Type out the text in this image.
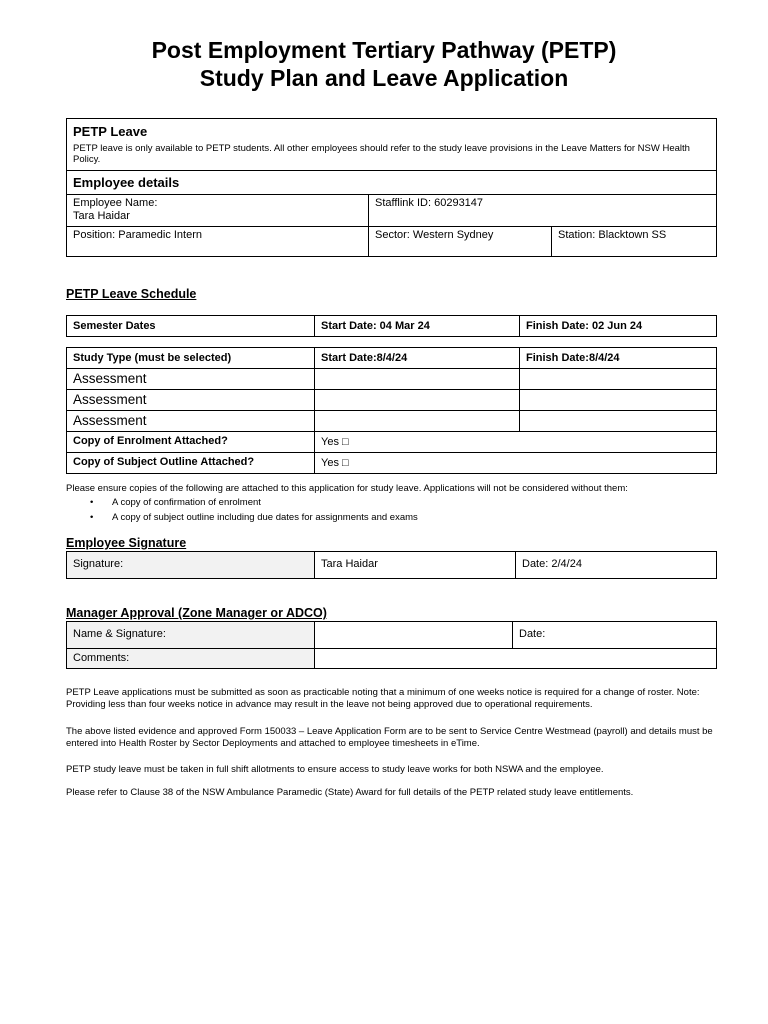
Post Employment Tertiary Pathway (PETP)
Study Plan and Leave Application
PETP Leave
PETP leave is only available to PETP students. All other employees should refer to the study leave provisions in the Leave Matters for NSW Health Policy.		

Employee details		

Employee Name:
Tara Haidar	Stafflink ID: 60293147	
Position: Paramedic Intern	Sector: Western Sydney	Station: Blacktown SS
PETP Leave Schedule
Semester Dates	Start Date: 04 Mar 24	Finish Date: 02 Jun 24
Study Type (must be selected)	Start Date:8/4/24	Finish Date:8/4/24
Assessment		
Assessment		
Assessment		
Copy of Enrolment Attached?	Yes □	
Copy of Subject Outline Attached?	Yes □	

Please ensure copies of the following are attached to this application for study leave. Applications will not be considered without them:

• A copy of confirmation of enrolment
• A copy of subject outline including due dates for assignments and exams
Employee Signature
Signature:	Tara Haidar	Date: 2/4/24
Manager Approval (Zone Manager or ADCO)
Name & Signature:		Date:
Comments:		

PETP Leave applications must be submitted as soon as practicable noting that a minimum of one weeks notice is required for a change of roster. Note: Providing less than four weeks notice in advance may result in the leave not being approved due to operational requirements.

The above listed evidence and approved Form 150033 – Leave Application Form are to be sent to Service Centre Westmead (payroll) and details must be entered into Health Roster by Sector Deployments and attached to employee timesheets in eTime.

PETP study leave must be taken in full shift allotments to ensure access to study leave works for both NSWA and the employee.

Please refer to Clause 38 of the NSW Ambulance Paramedic (State) Award for full details of the PETP related study leave entitlements.
